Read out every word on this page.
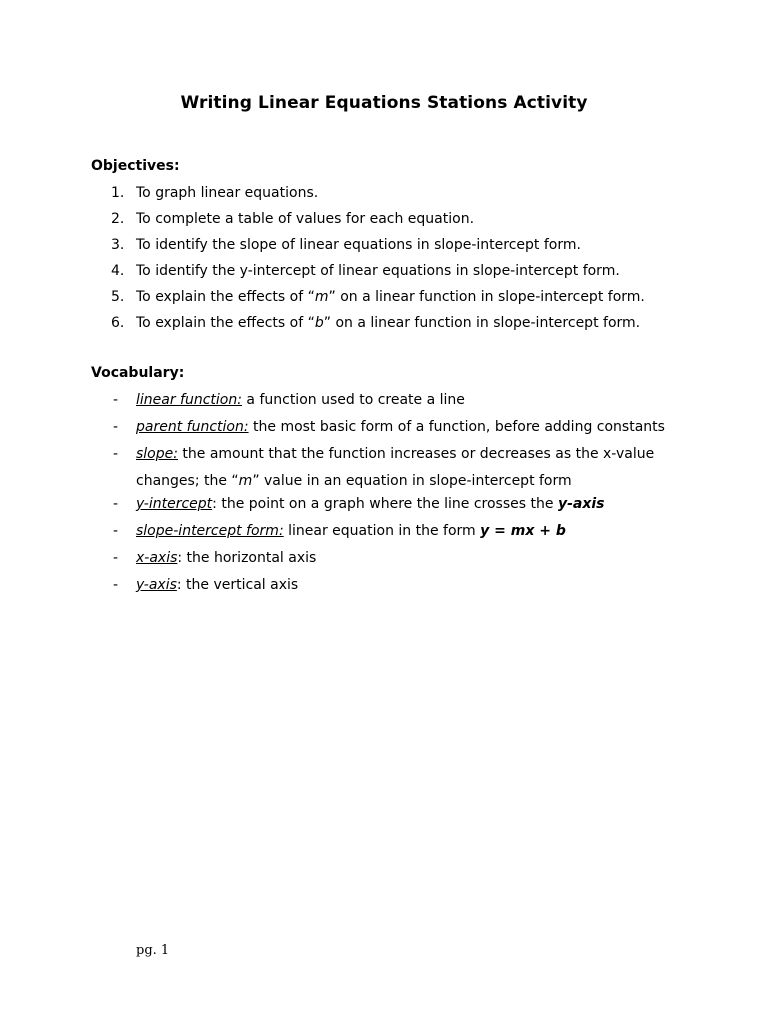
Writing Linear Equations Stations Activity
Objectives:
1. To graph linear equations.
2. To complete a table of values for each equation.
3. To identify the slope of linear equations in slope-intercept form.
4. To identify the y-intercept of linear equations in slope-intercept form.
5. To explain the effects of “m” on a linear function in slope-intercept form.
6. To explain the effects of “b” on a linear function in slope-intercept form.
Vocabulary:
- linear function: a function used to create a line
- parent function: the most basic form of a function, before adding constants
- slope: the amount that the function increases or decreases as the x-value
changes; the “m” value in an equation in slope-intercept form
- y-intercept: the point on a graph where the line crosses the y-axis
- slope-intercept form: linear equation in the form y = mx + b
- x-axis: the horizontal axis
- y-axis: the vertical axis
pg. 1
